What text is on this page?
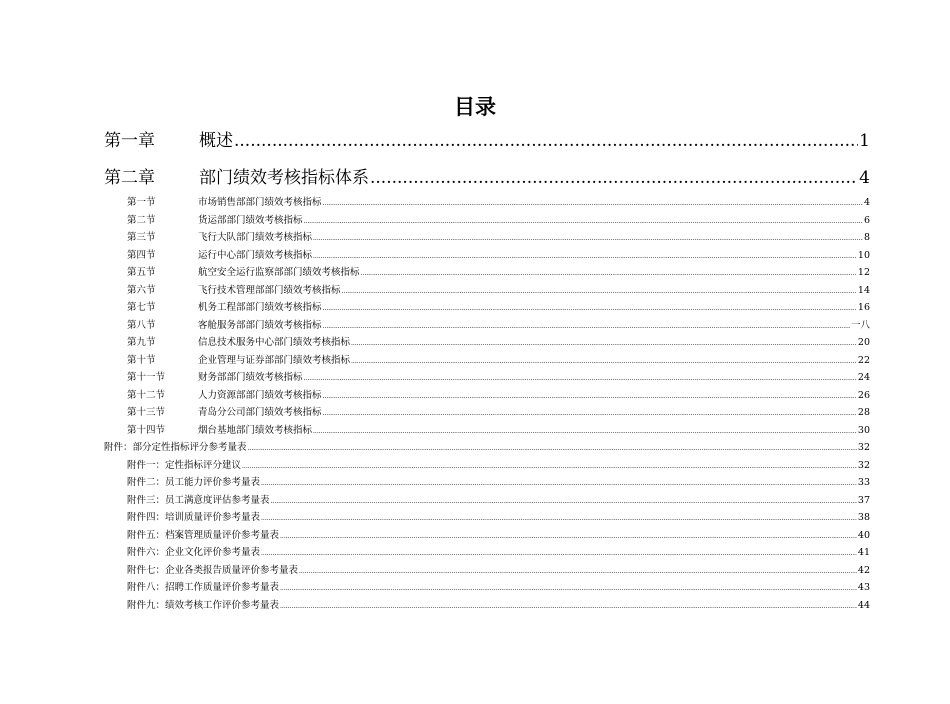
目录
第一章	概述 .....	1
第二章	部门绩效考核指标体系 .....	4
第一节	市场销售部部门绩效考核指标 .....	4
第二节	货运部部门绩效考核指标 .....	6
第三节	飞行大队部门绩效考核指标 .....	8
第四节	运行中心部门绩效考核指标 .....	10
第五节	航空安全运行监察部部门绩效考核指标 .....	12
第六节	飞行技术管理部部门绩效考核指标 .....	14
第七节	机务工程部部门绩效考核指标 .....	16
第八节	客舱服务部部门绩效考核指标 .....	一八
第九节	信息技术服务中心部门绩效考核指标 .....	20
第十节	企业管理与证券部部门绩效考核指标 .....	22
第十一节	财务部部门绩效考核指标 .....	24
第十二节	人力资源部部门绩效考核指标 .....	26
第十三节	青岛分公司部门绩效考核指标 .....	28
第十四节	烟台基地部门绩效考核指标 .....	30
附件：部分定性指标评分参考量表 .....	32
附件一：定性指标评分建议 .....	32
附件二：员工能力评价参考量表 .....	33
附件三：员工满意度评估参考量表 .....	37
附件四：培训质量评价参考量表 .....	38
附件五：档案管理质量评价参考量表 .....	40
附件六：企业文化评价参考量表 .....	41
附件七：企业各类报告质量评价参考量表 .....	42
附件八：招聘工作质量评价参考量表 .....	43
附件九：绩效考核工作评价参考量表 .....	44
